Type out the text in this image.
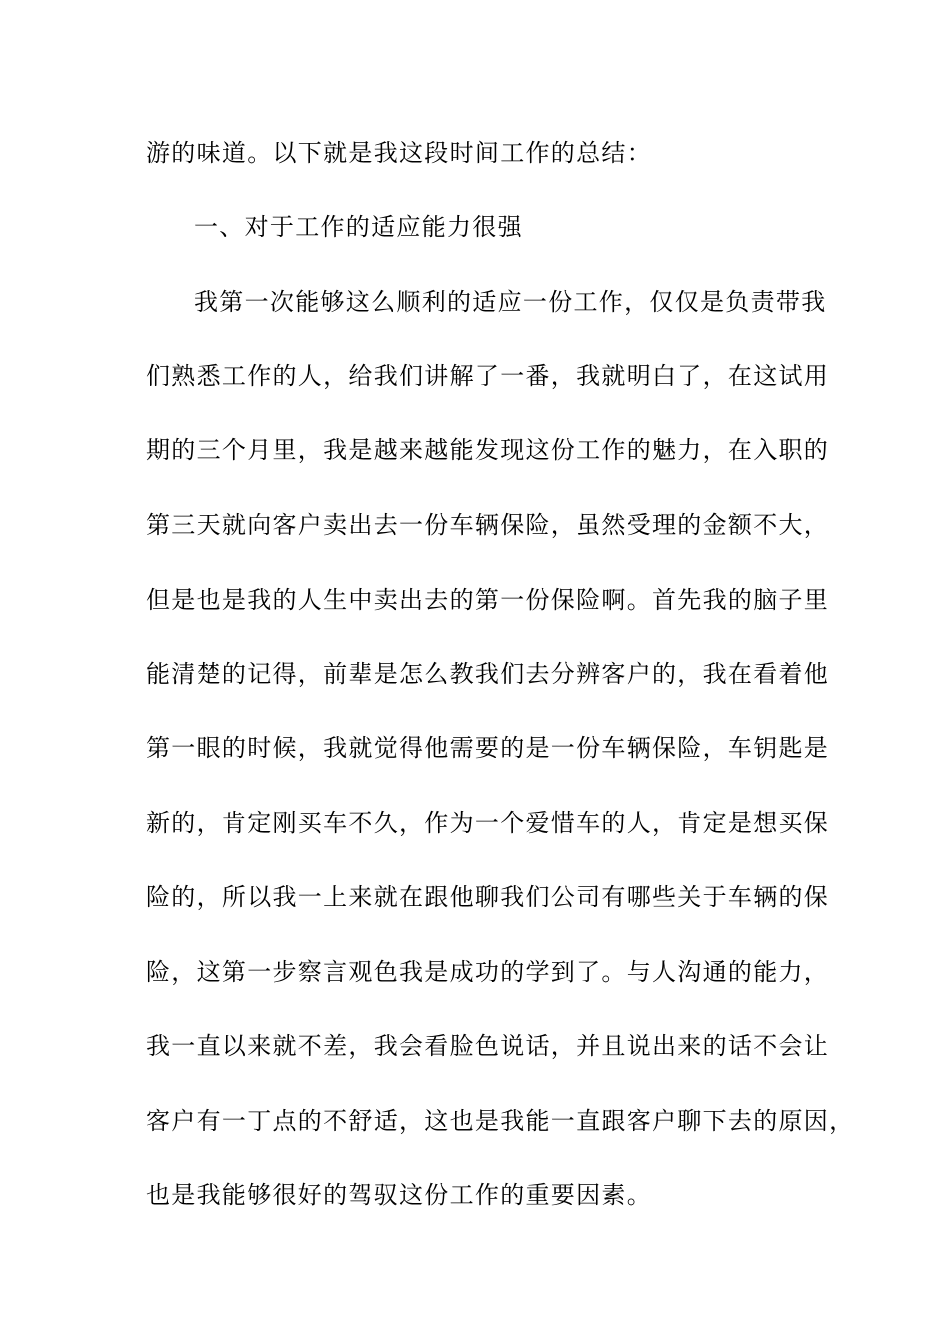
游的味道。以下就是我这段时间工作的总结：
一、对于工作的适应能力很强
我第一次能够这么顺利的适应一份工作，仅仅是负责带我
们熟悉工作的人，给我们讲解了一番，我就明白了，在这试用
期的三个月里，我是越来越能发现这份工作的魅力，在入职的
第三天就向客户卖出去一份车辆保险，虽然受理的金额不大，
但是也是我的人生中卖出去的第一份保险啊。首先我的脑子里
能清楚的记得，前辈是怎么教我们去分辨客户的，我在看着他
第一眼的时候，我就觉得他需要的是一份车辆保险，车钥匙是
新的，肯定刚买车不久，作为一个爱惜车的人，肯定是想买保
险的，所以我一上来就在跟他聊我们公司有哪些关于车辆的保
险，这第一步察言观色我是成功的学到了。与人沟通的能力，
我一直以来就不差，我会看脸色说话，并且说出来的话不会让
客户有一丁点的不舒适，这也是我能一直跟客户聊下去的原因，
也是我能够很好的驾驭这份工作的重要因素。
